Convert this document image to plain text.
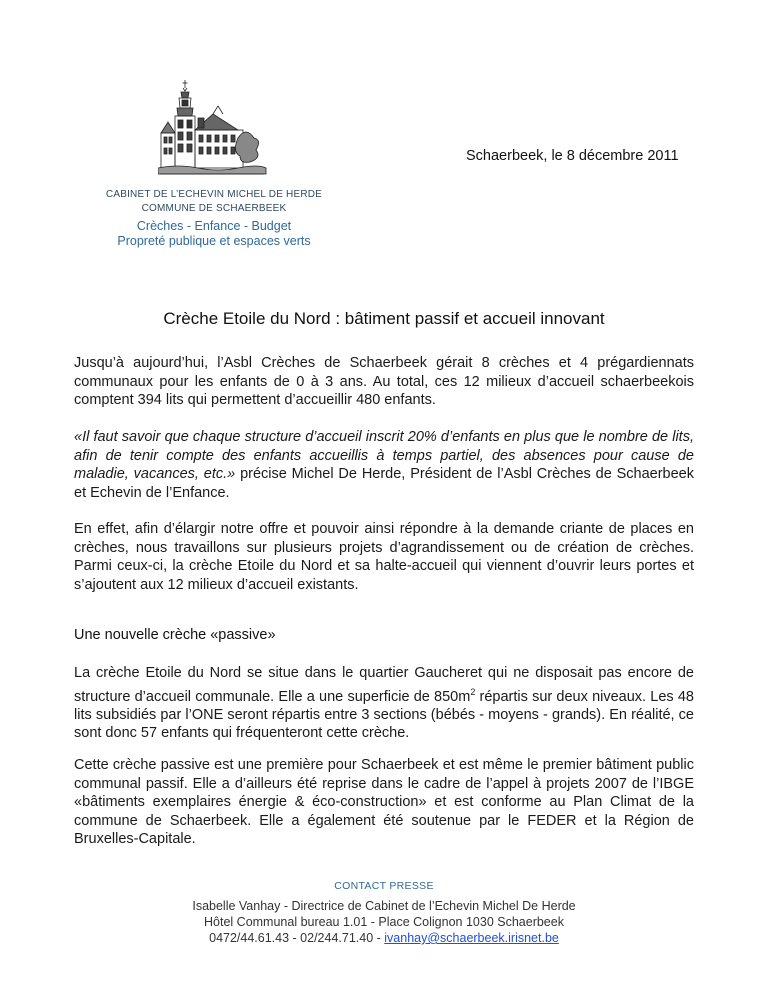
Schaerbeek, le 8 décembre 2011
CABINET DE L’ECHEVIN MICHEL DE HERDE
COMMUNE DE SCHAERBEEK
Crèches - Enfance - Budget
Propreté publique et espaces verts
Crèche Etoile du Nord : bâtiment passif et accueil innovant

Jusqu’à aujourd’hui, l’Asbl Crèches de Schaerbeek gérait 8 crèches et 4 prégardiennats communaux pour les enfants de 0 à 3 ans. Au total, ces 12 milieux d’accueil schaerbeekois comptent 394 lits qui permettent d’accueillir 480 enfants.

«Il faut savoir que chaque structure d’accueil inscrit 20% d’enfants en plus que le nombre de lits, afin de tenir compte des enfants accueillis à temps partiel, des absences pour cause de maladie, vacances, etc.» précise Michel De Herde, Président de l’Asbl Crèches de Schaerbeek et Echevin de l’Enfance.

En effet, afin d’élargir notre offre et pouvoir ainsi répondre à la demande criante de places en crèches, nous travaillons sur plusieurs projets d’agrandissement ou de création de crèches. Parmi ceux-ci, la crèche Etoile du Nord et sa halte-accueil qui viennent d’ouvrir leurs portes et s’ajoutent aux 12 milieux d’accueil existants.

Une nouvelle crèche «passive»

La crèche Etoile du Nord se situe dans le quartier Gaucheret qui ne disposait pas encore de structure d’accueil communale. Elle a une superficie de $850m^2$ répartis sur deux niveaux. Les 48 lits subsidiés par l’ONE seront répartis entre 3 sections (bébés - moyens - grands). En réalité, ce sont donc 57 enfants qui fréquenteront cette crèche.

Cette crèche passive est une première pour Schaerbeek et est même le premier bâtiment public communal passif. Elle a d’ailleurs été reprise dans le cadre de l’appel à projets 2007 de l’IBGE «bâtiments exemplaires énergie & éco-construction» et est conforme au Plan Climat de la commune de Schaerbeek. Elle a également été soutenue par le FEDER et la Région de Bruxelles-Capitale.

CONTACT PRESSE
Isabelle Vanhay - Directrice de Cabinet de l’Echevin Michel De Herde
Hôtel Communal bureau 1.01 - Place Colignon 1030 Schaerbeek
0472/44.61.43 - 02/244.71.40 - ivanhay@schaerbeek.irisnet.be
